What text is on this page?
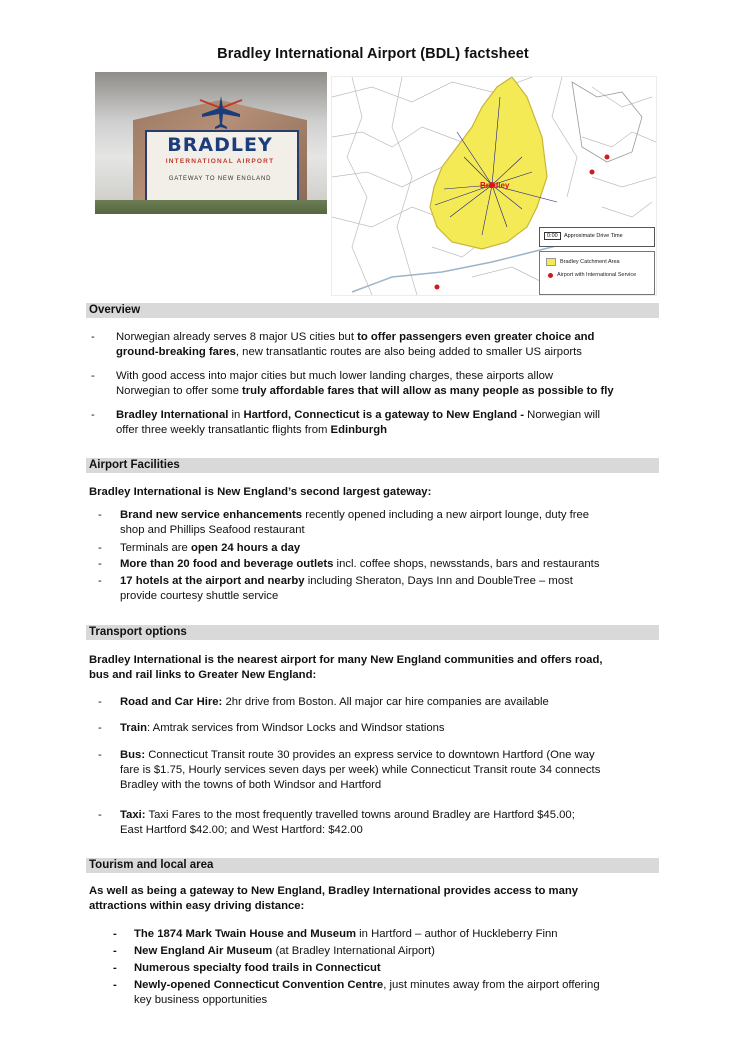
Bradley International Airport (BDL) factsheet
BRADLEY
INTERNATIONAL AIRPORT
GATEWAY TO NEW ENGLAND
Bradley
0:00 Approximate Drive Time
Bradley Catchment Area
Airport with International Service
Overview
- Norwegian already serves 8 major US cities but to offer passengers even greater choice and
ground-breaking fares, new transatlantic routes are also being added to smaller US airports
- With good access into major cities but much lower landing charges, these airports allow
Norwegian to offer some truly affordable fares that will allow as many people as possible to fly
- Bradley International in Hartford, Connecticut is a gateway to New England - Norwegian will
offer three weekly transatlantic flights from Edinburgh
Airport Facilities
Bradley International is New England’s second largest gateway:
- Brand new service enhancements recently opened including a new airport lounge, duty free
shop and Phillips Seafood restaurant
- Terminals are open 24 hours a day
- More than 20 food and beverage outlets incl. coffee shops, newsstands, bars and restaurants
- 17 hotels at the airport and nearby including Sheraton, Days Inn and DoubleTree – most
provide courtesy shuttle service
Transport options
Bradley International is the nearest airport for many New England communities and offers road,
bus and rail links to Greater New England:
- Road and Car Hire: 2hr drive from Boston. All major car hire companies are available
- Train: Amtrak services from Windsor Locks and Windsor stations
- Bus: Connecticut Transit route 30 provides an express service to downtown Hartford (One way
fare is $1.75, Hourly services seven days per week) while Connecticut Transit route 34 connects
Bradley with the towns of both Windsor and Hartford
- Taxi: Taxi Fares to the most frequently travelled towns around Bradley are Hartford $45.00;
East Hartford $42.00; and West Hartford: $42.00
Tourism and local area
As well as being a gateway to New England, Bradley International provides access to many
attractions within easy driving distance:
- The 1874 Mark Twain House and Museum in Hartford – author of Huckleberry Finn
- New England Air Museum (at Bradley International Airport)
- Numerous specialty food trails in Connecticut
- Newly-opened Connecticut Convention Centre, just minutes away from the airport offering
key business opportunities
